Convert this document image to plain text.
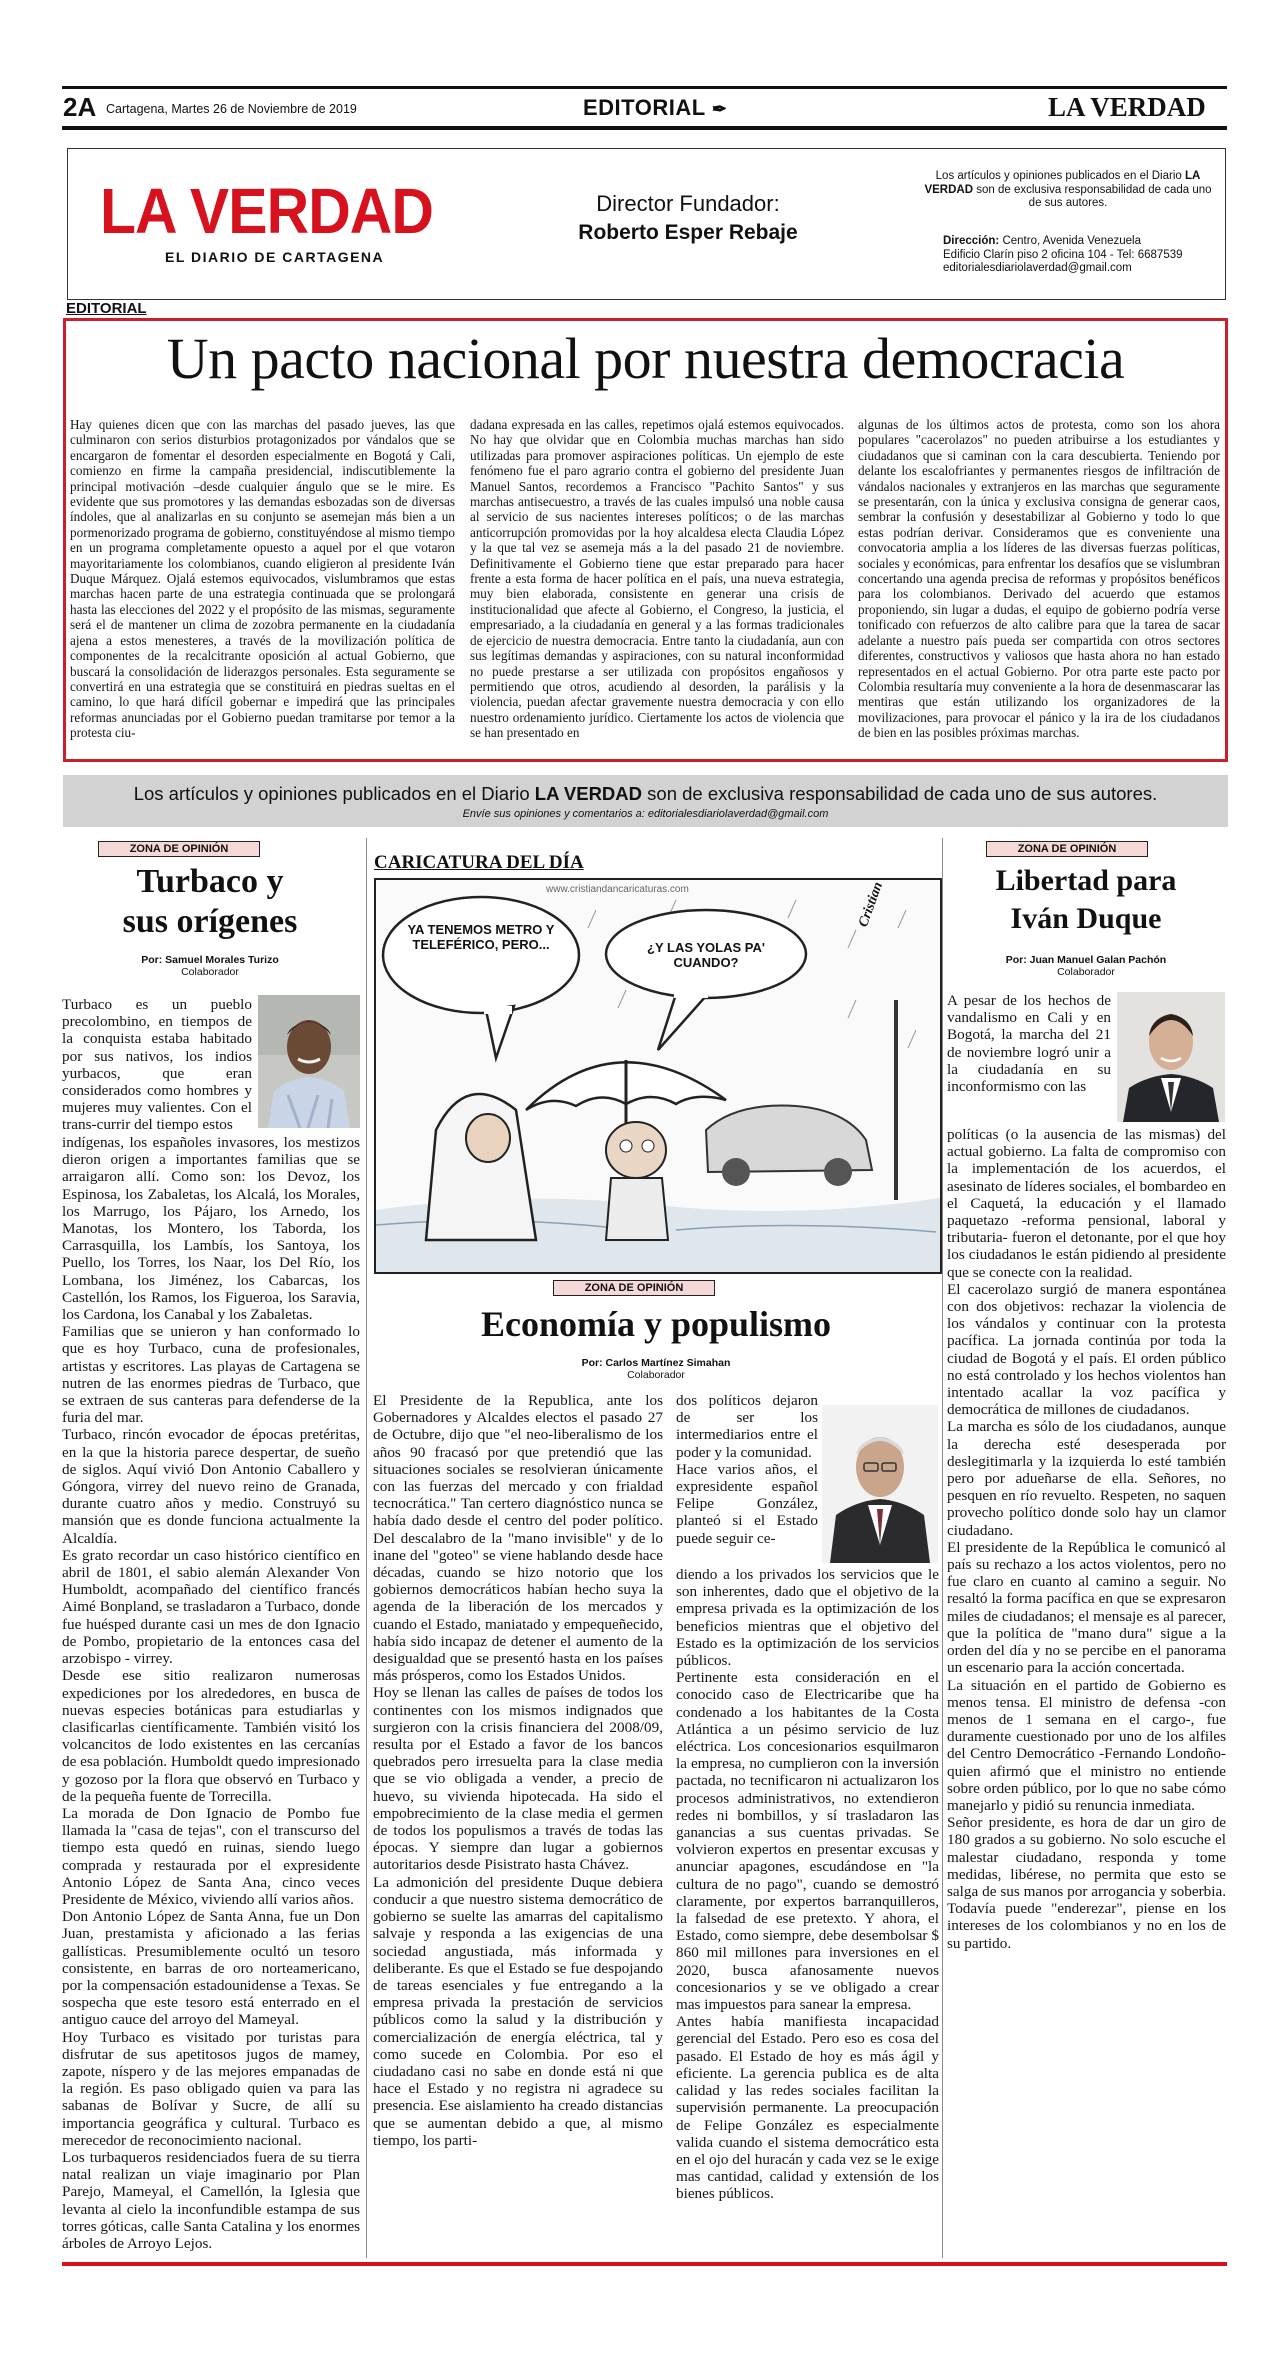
2A Cartagena, Martes 26 de Noviembre de 2019	EDITORIAL ✒	LA VERDAD
LA VERDAD
EL DIARIO DE CARTAGENA
Director Fundador:
Roberto Esper Rebaje
Los artículos y opiniones publicados en el Diario LA VERDAD son de exclusiva responsabilidad de cada uno de sus autores.
Dirección: Centro, Avenida Venezuela
Edificio Clarín piso 2 oficina 104 - Tel: 6687539
editorialesdiariolaverdad@gmail.com
EDITORIAL
Un pacto nacional por nuestra democracia
Hay quienes dicen que con las marchas del pasado jueves, las que culminaron con serios disturbios protagonizados por vándalos que se encargaron de fomentar el desorden especialmente en Bogotá y Cali, comienzo en firme la campaña presidencial, indiscutiblemente la principal motivación –desde cualquier ángulo que se le mire. Es evidente que sus promotores y las demandas esbozadas son de diversas índoles, que al analizarlas en su conjunto se asemejan más bien a un pormenorizado programa de gobierno, constituyéndose al mismo tiempo en un programa completamente opuesto a aquel por el que votaron mayoritariamente los colombianos, cuando eligieron al presidente Iván Duque Márquez. Ojalá estemos equivocados, vislumbramos que estas marchas hacen parte de una estrategia continuada que se prolongará hasta las elecciones del 2022 y el propósito de las mismas, seguramente será el de mantener un clima de zozobra permanente en la ciudadanía ajena a estos menesteres, a través de la movilización política de componentes de la recalcitrante oposición al actual Gobierno, que buscará la consolidación de liderazgos personales. Esta seguramente se convertirá en una estrategia que se constituirá en piedras sueltas en el camino, lo que hará difícil gobernar e impedirá que las principales reformas anunciadas por el Gobierno puedan tramitarse por temor a la protesta ciu-
dadana expresada en las calles, repetimos ojalá estemos equivocados. No hay que olvidar que en Colombia muchas marchas han sido utilizadas para promover aspiraciones políticas. Un ejemplo de este fenómeno fue el paro agrario contra el gobierno del presidente Juan Manuel Santos, recordemos a Francisco "Pachito Santos" y sus marchas antisecuestro, a través de las cuales impulsó una noble causa al servicio de sus nacientes intereses políticos; o de las marchas anticorrupción promovidas por la hoy alcaldesa electa Claudia López y la que tal vez se asemeja más a la del pasado 21 de noviembre. Definitivamente el Gobierno tiene que estar preparado para hacer frente a esta forma de hacer política en el país, una nueva estrategia, muy bien elaborada, consistente en generar una crisis de institucionalidad que afecte al Gobierno, el Congreso, la justicia, el empresariado, a la ciudadanía en general y a las formas tradicionales de ejercicio de nuestra democracia. Entre tanto la ciudadanía, aun con sus legítimas demandas y aspiraciones, con su natural inconformidad no puede prestarse a ser utilizada con propósitos engañosos y permitiendo que otros, acudiendo al desorden, la parálisis y la violencia, puedan afectar gravemente nuestra democracia y con ello nuestro ordenamiento jurídico. Ciertamente los actos de violencia que se han presentado en
algunas de los últimos actos de protesta, como son los ahora populares "cacerolazos" no pueden atribuirse a los estudiantes y ciudadanos que si caminan con la cara descubierta. Teniendo por delante los escalofriantes y permanentes riesgos de infiltración de vándalos nacionales y extranjeros en las marchas que seguramente se presentarán, con la única y exclusiva consigna de generar caos, sembrar la confusión y desestabilizar al Gobierno y todo lo que estas podrían derivar. Consideramos que es conveniente una convocatoria amplia a los líderes de las diversas fuerzas políticas, sociales y económicas, para enfrentar los desafíos que se vislumbran concertando una agenda precisa de reformas y propósitos benéficos para los colombianos. Derivado del acuerdo que estamos proponiendo, sin lugar a dudas, el equipo de gobierno podría verse tonificado con refuerzos de alto calibre para que la tarea de sacar adelante a nuestro país pueda ser compartida con otros sectores diferentes, constructivos y valiosos que hasta ahora no han estado representados en el actual Gobierno. Por otra parte este pacto por Colombia resultaría muy conveniente a la hora de desenmascarar las mentiras que están utilizando los organizadores de la movilizaciones, para provocar el pánico y la ira de los ciudadanos de bien en las posibles próximas marchas.
Los artículos y opiniones publicados en el Diario LA VERDAD son de exclusiva responsabilidad de cada uno de sus autores.
Envíe sus opiniones y comentarios a: editorialesdiariolaverdad@gmail.com
ZONA DE OPINIÓN
Turbaco y
sus orígenes
Por: Samuel Morales Turizo
Colaborador
Turbaco es un pueblo precolombino, en tiempos de la conquista estaba habitado por sus nativos, los indios yurbacos, que eran considerados como hombres y mujeres muy valientes. Con el trans-currir del tiempo estos

indígenas, los españoles invasores, los mestizos dieron origen a importantes familias que se arraigaron allí. Como son: los Devoz, los Espinosa, los Zabaletas, los Alcalá, los Morales, los Marrugo, los Pájaro, los Arnedo, los Manotas, los Montero, los Taborda, los Carrasquilla, los Lambís, los Santoya, los Puello, los Torres, los Naar, los Del Río, los Lombana, los Jiménez, los Cabarcas, los Castellón, los Ramos, los Figueroa, los Saravia, los Cardona, los Canabal y los Zabaletas.

Familias que se unieron y han conformado lo que es hoy Turbaco, cuna de profesionales, artistas y escritores. Las playas de Cartagena se nutren de las enormes piedras de Turbaco, que se extraen de sus canteras para defenderse de la furia del mar.

Turbaco, rincón evocador de épocas pretéritas, en la que la historia parece despertar, de sueño de siglos. Aquí vivió Don Antonio Caballero y Góngora, virrey del nuevo reino de Granada, durante cuatro años y medio. Construyó su mansión que es donde funciona actualmente la Alcaldía.

Es grato recordar un caso histórico científico en abril de 1801, el sabio alemán Alexander Von Humboldt, acompañado del científico francés Aimé Bonpland, se trasladaron a Turbaco, donde fue huésped durante casi un mes de don Ignacio de Pombo, propietario de la entonces casa del arzobispo - virrey.

Desde ese sitio realizaron numerosas expediciones por los alrededores, en busca de nuevas especies botánicas para estudiarlas y clasificarlas científicamente. También visitó los volcancitos de lodo existentes en las cercanías de esa población. Humboldt quedo impresionado y gozoso por la flora que observó en Turbaco y de la pequeña fuente de Torrecilla.

La morada de Don Ignacio de Pombo fue llamada la "casa de tejas", con el transcurso del tiempo esta quedó en ruinas, siendo luego comprada y restaurada por el expresidente Antonio López de Santa Ana, cinco veces Presidente de México, viviendo allí varios años.

Don Antonio López de Santa Anna, fue un Don Juan, prestamista y aficionado a las ferias gallísticas. Presumiblemente ocultó un tesoro consistente, en barras de oro norteamericano, por la compensación estadounidense a Texas. Se sospecha que este tesoro está enterrado en el antiguo cauce del arroyo del Mameyal.

Hoy Turbaco es visitado por turistas para disfrutar de sus apetitosos jugos de mamey, zapote, níspero y de las mejores empanadas de la región. Es paso obligado quien va para las sabanas de Bolívar y Sucre, de allí su importancia geográfica y cultural. Turbaco es merecedor de reconocimiento nacional.

Los turbaqueros residenciados fuera de su tierra natal realizan un viaje imaginario por Plan Parejo, Mameyal, el Camellón, la Iglesia que levanta al cielo la inconfundible estampa de sus torres góticas, calle Santa Catalina y los enormes árboles de Arroyo Lejos.

CARICATURA DEL DÍA
www.cristiandancaricaturas.com
YA TENEMOS METRO Y TELEFÉRICO, PERO...	¿Y LAS YOLAS PA' CUANDO?
Cristian
ZONA DE OPINIÓN
Economía y populismo
Por: Carlos Martínez Simahan
Colaborador
El Presidente de la Republica, ante los Gobernadores y Alcaldes electos el pasado 27 de Octubre, dijo que "el neo-liberalismo de los años 90 fracasó por que pretendió que las situaciones sociales se resolvieran únicamente con las fuerzas del mercado y con frialdad tecnocrática." Tan certero diagnóstico nunca se había dado desde el centro del poder político. Del descalabro de la "mano invisible" y de lo inane del "goteo" se viene hablando desde hace décadas, cuando se hizo notorio que los gobiernos democráticos habían hecho suya la agenda de la liberación de los mercados y cuando el Estado, maniatado y empequeñecido, había sido incapaz de detener el aumento de la desigualdad que se presentó hasta en los países más prósperos, como los Estados Unidos.
Hoy se llenan las calles de países de todos los continentes con los mismos indignados que surgieron con la crisis financiera del 2008/09, resulta por el Estado a favor de los bancos quebrados pero irresuelta para la clase media que se vio obligada a vender, a precio de huevo, su vivienda hipotecada. Ha sido el empobrecimiento de la clase media el germen de todos los populismos a través de todas las épocas. Y siempre dan lugar a gobiernos autoritarios desde Pisistrato hasta Chávez.
La admonición del presidente Duque debiera conducir a que nuestro sistema democrático de gobierno se suelte las amarras del capitalismo salvaje y responda a las exigencias de una sociedad angustiada, más informada y deliberante. Es que el Estado se fue despojando de tareas esenciales y fue entregando a la empresa privada la prestación de servicios públicos como la salud y la distribución y comercialización de energía eléctrica, tal y como sucede en Colombia. Por eso el ciudadano casi no sabe en donde está ni que hace el Estado y no registra ni agradece su presencia. Ese aislamiento ha creado distancias que se aumentan debido a que, al mismo tiempo, los parti-
dos políticos dejaron de ser los intermediarios entre el poder y la comunidad.
Hace varios años, el expresidente español Felipe González, planteó si el Estado puede seguir ce-
diendo a los privados los servicios que le son inherentes, dado que el objetivo de la empresa privada es la optimización de los beneficios mientras que el objetivo del Estado es la optimización de los servicios públicos.
Pertinente esta consideración en el conocido caso de Electricaribe que ha condenado a los habitantes de la Costa Atlántica a un pésimo servicio de luz eléctrica. Los concesionarios esquilmaron la empresa, no cumplieron con la inversión pactada, no tecnificaron ni actualizaron los procesos administrativos, no extendieron redes ni bombillos, y sí trasladaron las ganancias a sus cuentas privadas. Se volvieron expertos en presentar excusas y anunciar apagones, escudándose en "la cultura de no pago", cuando se demostró claramente, por expertos barranquilleros, la falsedad de ese pretexto. Y ahora, el Estado, como siempre, debe desembolsar $ 860 mil millones para inversiones en el 2020, busca afanosamente nuevos concesionarios y se ve obligado a crear mas impuestos para sanear la empresa.
Antes había manifiesta incapacidad gerencial del Estado. Pero eso es cosa del pasado. El Estado de hoy es más ágil y eficiente. La gerencia publica es de alta calidad y las redes sociales facilitan la supervisión permanente. La preocupación de Felipe González es especialmente valida cuando el sistema democrático esta en el ojo del huracán y cada vez se le exige mas cantidad, calidad y extensión de los bienes públicos.
ZONA DE OPINIÓN
Libertad para
Iván Duque
Por: Juan Manuel Galan Pachón
Colaborador
A pesar de los hechos de vandalismo en Cali y en Bogotá, la marcha del 21 de noviembre logró unir a la ciudadanía en su inconformismo con las

políticas (o la ausencia de las mismas) del actual gobierno. La falta de compromiso con la implementación de los acuerdos, el asesinato de líderes sociales, el bombardeo en el Caquetá, la educación y el llamado paquetazo -reforma pensional, laboral y tributaria- fueron el detonante, por el que hoy los ciudadanos le están pidiendo al presidente que se conecte con la realidad.

El cacerolazo surgió de manera espontánea con dos objetivos: rechazar la violencia de los vándalos y continuar con la protesta pacífica. La jornada continúa por toda la ciudad de Bogotá y el país. El orden público no está controlado y los hechos violentos han intentado acallar la voz pacífica y democrática de millones de ciudadanos.

La marcha es sólo de los ciudadanos, aunque la derecha esté desesperada por deslegitimarla y la izquierda lo esté también pero por adueñarse de ella. Señores, no pesquen en río revuelto. Respeten, no saquen provecho político donde solo hay un clamor ciudadano.

El presidente de la República le comunicó al país su rechazo a los actos violentos, pero no fue claro en cuanto al camino a seguir. No resaltó la forma pacífica en que se expresaron miles de ciudadanos; el mensaje es al parecer, que la política de "mano dura" sigue a la orden del día y no se percibe en el panorama un escenario para la acción concertada.

La situación en el partido de Gobierno es menos tensa. El ministro de defensa -con menos de 1 semana en el cargo-, fue duramente cuestionado por uno de los alfiles del Centro Democrático -Fernando Londoño- quien afirmó que el ministro no entiende sobre orden público, por lo que no sabe cómo manejarlo y pidió su renuncia inmediata.

Señor presidente, es hora de dar un giro de 180 grados a su gobierno. No solo escuche el malestar ciudadano, responda y tome medidas, libérese, no permita que esto se salga de sus manos por arrogancia y soberbia. Todavía puede "enderezar", piense en los intereses de los colombianos y no en los de su partido.
